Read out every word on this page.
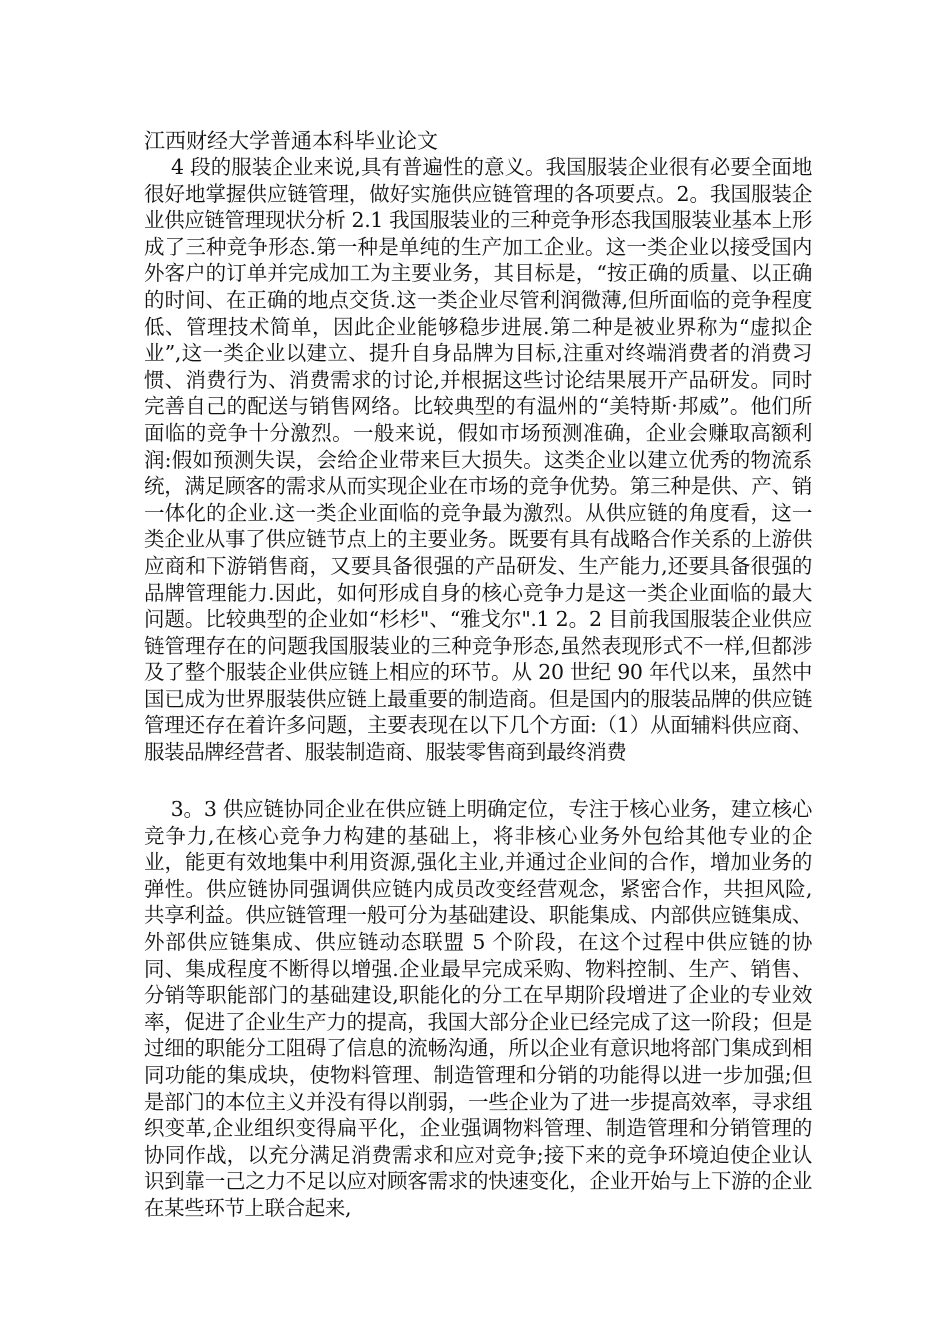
江西财经大学普通本科毕业论文

　 4 段的服装企业来说,具有普遍性的意义。我国服装企业很有必要全面地很好地掌握供应链管理，做好实施供应链管理的各项要点。2。我国服装企业供应链管理现状分析 2.1 我国服装业的三种竞争形态我国服装业基本上形成了三种竞争形态.第一种是单纯的生产加工企业。这一类企业以接受国内外客户的订单并完成加工为主要业务，其目标是，“按正确的质量、以正确的时间、在正确的地点交货.这一类企业尽管利润微薄,但所面临的竞争程度低、管理技术简单，因此企业能够稳步进展.第二种是被业界称为“虚拟企业”,这一类企业以建立、提升自身品牌为目标,注重对终端消费者的消费习惯、消费行为、消费需求的讨论,并根据这些讨论结果展开产品研发。同时完善自己的配送与销售网络。比较典型的有温州的“美特斯·邦威”。他们所面临的竞争十分激烈。一般来说，假如市场预测准确，企业会赚取高额利润:假如预测失误，会给企业带来巨大损失。这类企业以建立优秀的物流系统，满足顾客的需求从而实现企业在市场的竞争优势。第三种是供、产、销一体化的企业.这一类企业面临的竞争最为激烈。从供应链的角度看，这一类企业从事了供应链节点上的主要业务。既要有具有战略合作关系的上游供应商和下游销售商，又要具备很强的产品研发、生产能力,还要具备很强的品牌管理能力.因此，如何形成自身的核心竞争力是这一类企业面临的最大问题。比较典型的企业如“杉杉"、“雅戈尔".1 2。2 目前我国服装企业供应链管理存在的问题我国服装业的三种竞争形态,虽然表现形式不一样,但都涉及了整个服装企业供应链上相应的环节。从 20 世纪 90 年代以来，虽然中国已成为世界服装供应链上最重要的制造商。但是国内的服装品牌的供应链管理还存在着许多问题，主要表现在以下几个方面:（1）从面辅料供应商、服装品牌经营者、服装制造商、服装零售商到最终消费

　 3。3 供应链协同企业在供应链上明确定位，专注于核心业务，建立核心竞争力,在核心竞争力构建的基础上，将非核心业务外包给其他专业的企业，能更有效地集中利用资源,强化主业,并通过企业间的合作，增加业务的弹性。供应链协同强调供应链内成员改变经营观念，紧密合作，共担风险,共享利益。供应链管理一般可分为基础建设、职能集成、内部供应链集成、外部供应链集成、供应链动态联盟 5 个阶段，在这个过程中供应链的协同、集成程度不断得以增强.企业最早完成采购、物料控制、生产、销售、分销等职能部门的基础建设,职能化的分工在早期阶段增进了企业的专业效率，促进了企业生产力的提高，我国大部分企业已经完成了这一阶段；但是过细的职能分工阻碍了信息的流畅沟通，所以企业有意识地将部门集成到相同功能的集成块，使物料管理、制造管理和分销的功能得以进一步加强;但是部门的本位主义并没有得以削弱，一些企业为了进一步提高效率，寻求组织变革,企业组织变得扁平化，企业强调物料管理、制造管理和分销管理的协同作战，以充分满足消费需求和应对竞争;接下来的竞争环境迫使企业认识到靠一己之力不足以应对顾客需求的快速变化，企业开始与上下游的企业在某些环节上联合起来,
